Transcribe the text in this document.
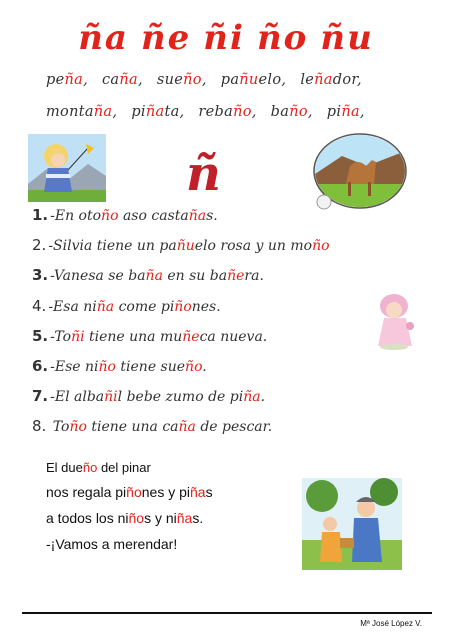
ña ñe ñi ño ñu
peña, caña, sueño, pañuelo, leñador,
montaña, piñata, rebaño, baño, piña,
ñ
1. -En otoño aso castañas.
2. -Silvia tiene un pañuelo rosa y un moño
3. -Vanesa se baña en su bañera.
4. -Esa niña come piñones.
5. -Toñi tiene una muñeca nueva.
6. -Ese niño tiene sueño.
7. -El albañil bebe zumo de piña.
8. Toño tiene una caña de pescar.
El dueño del pinar
nos regala piñones y piñas
a todos los niños y niñas.
-¡Vamos a merendar!
Mª José López V.
